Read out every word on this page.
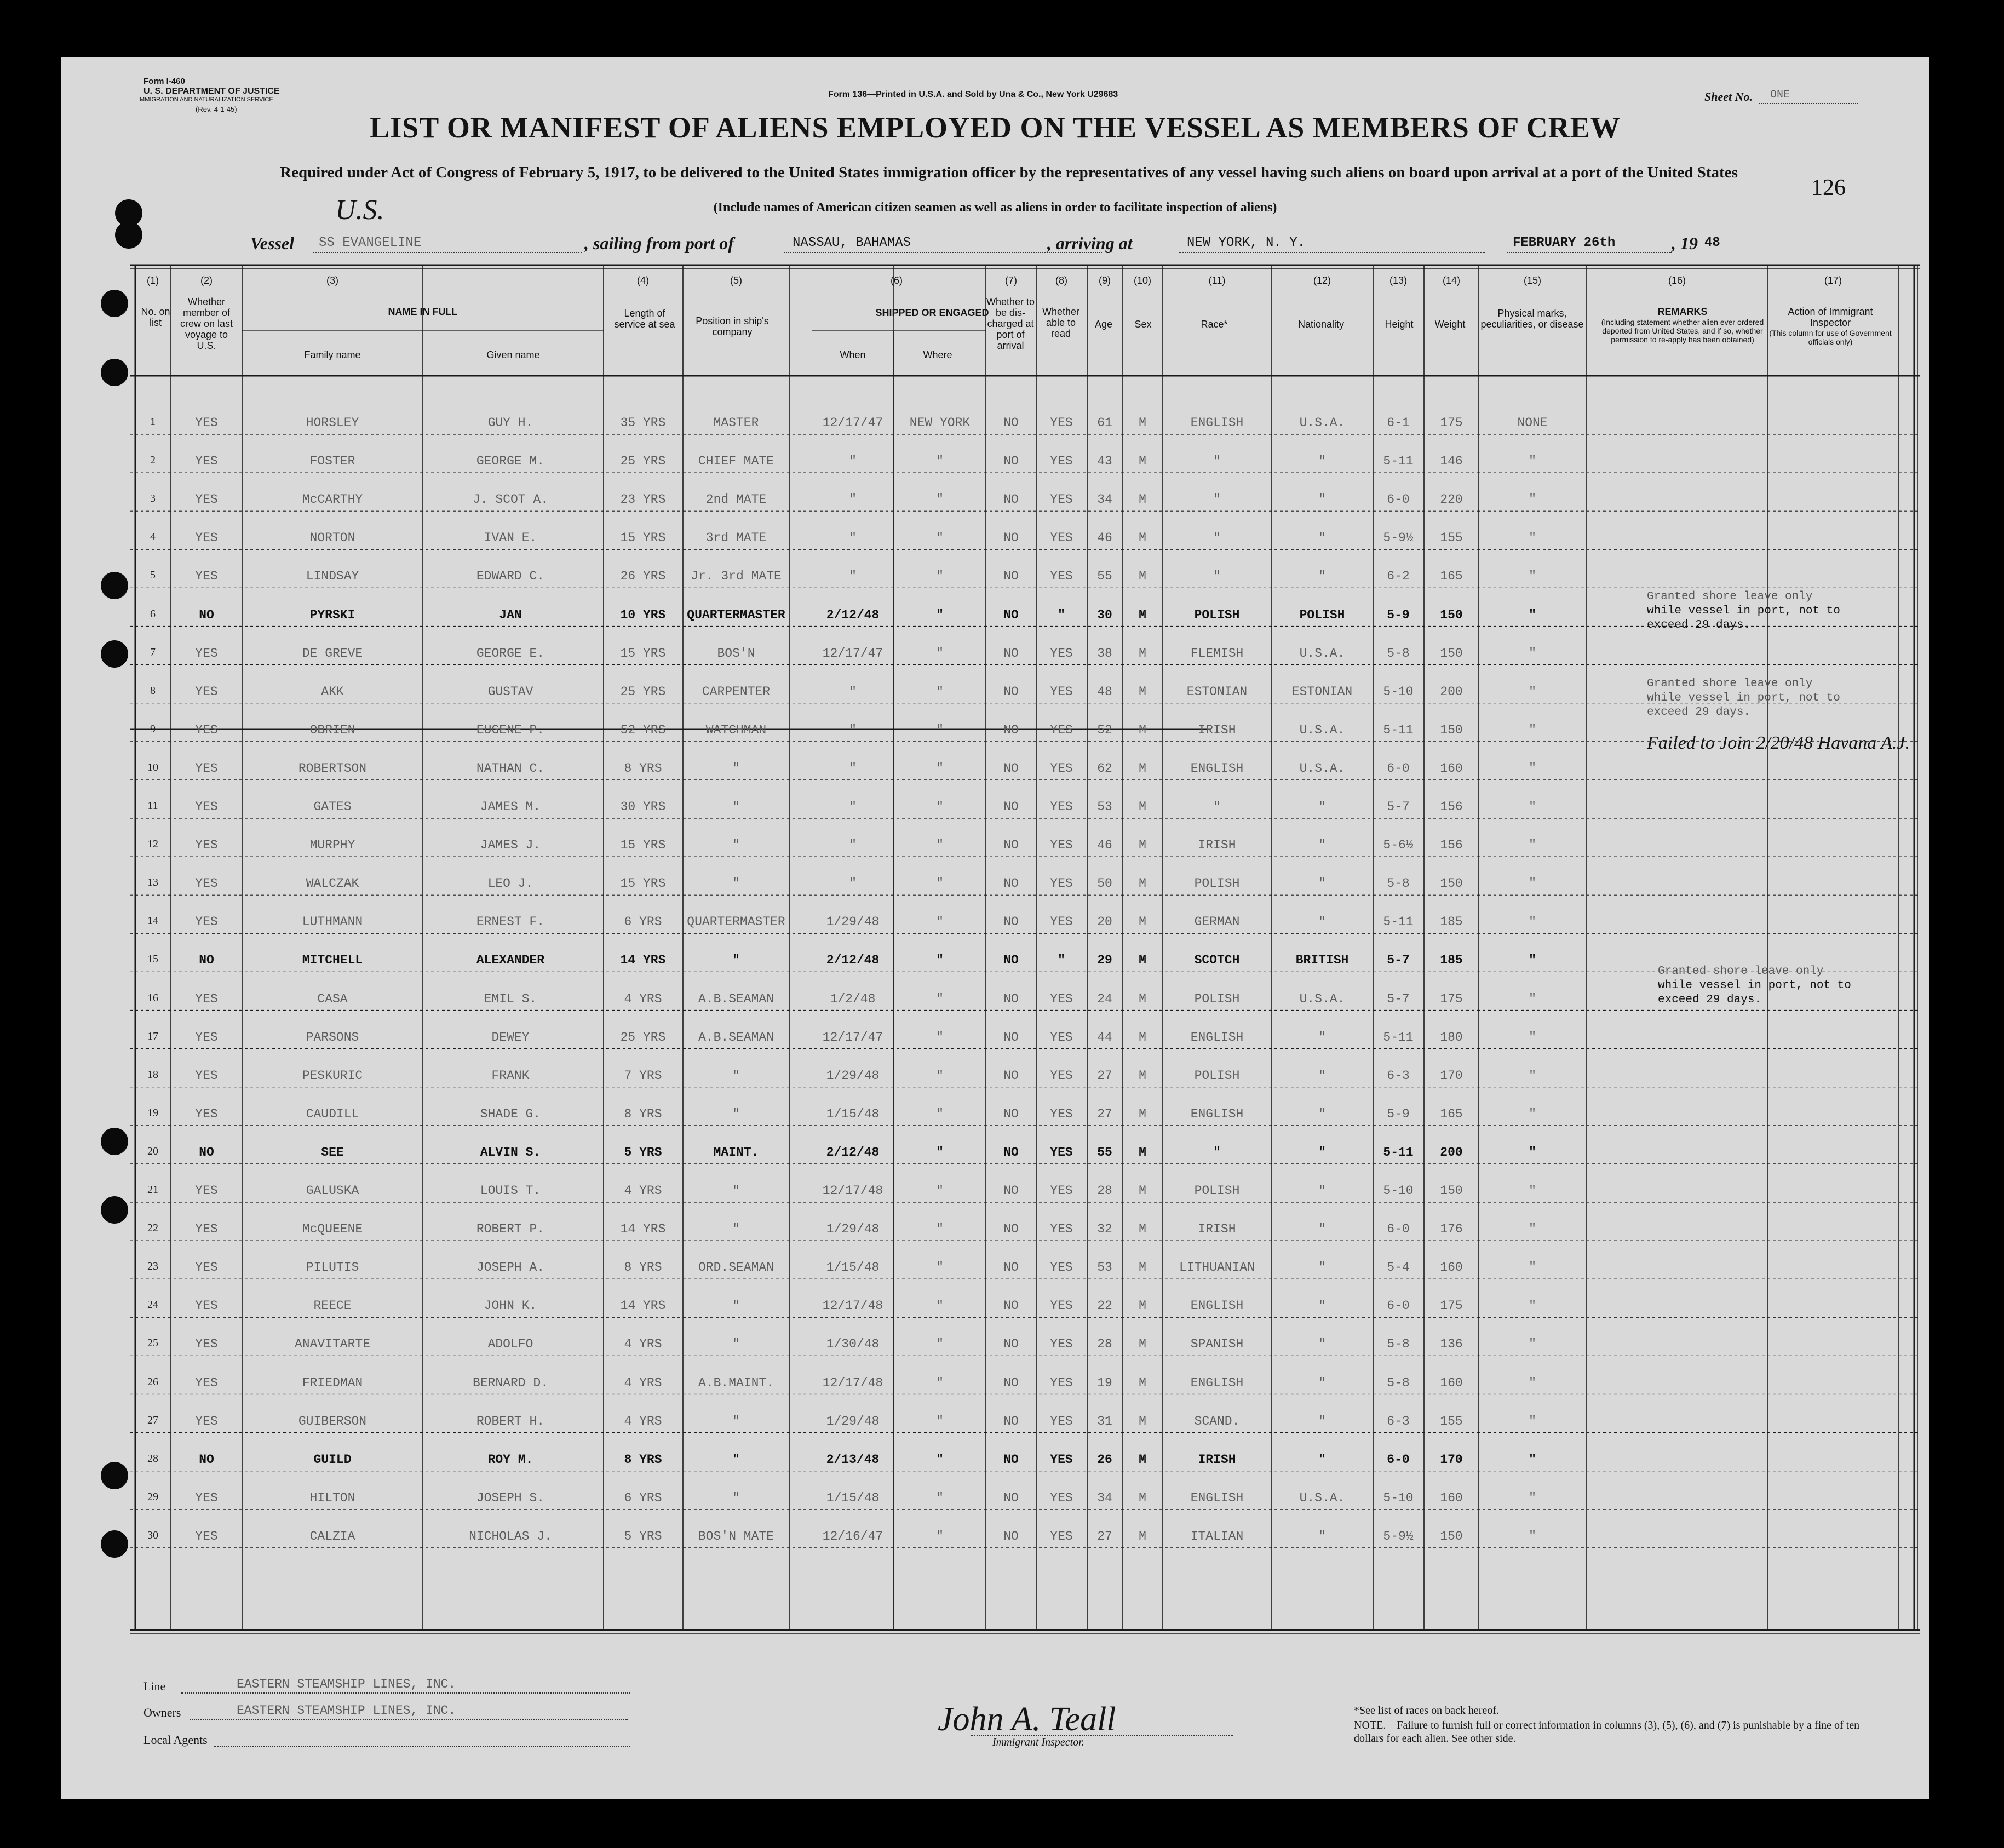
Form I-460
U. S. DEPARTMENT OF JUSTICE
IMMIGRATION AND NATURALIZATION SERVICE
(Rev. 4-1-45)
Form 136—Printed in U.S.A. and Sold by Una & Co., New York U29683	Sheet No. ONE
126
LIST OR MANIFEST OF ALIENS EMPLOYED ON THE VESSEL AS MEMBERS OF CREW
Required under Act of Congress of February 5, 1917, to be delivered to the United States immigration officer by the representatives of any vessel having such aliens on board upon arrival at a port of the United States
(Include names of American citizen seamen as well as aliens in order to facilitate inspection of aliens)
U.S.
Vessel SS EVANGELINE	, sailing from port of	NASSAU, BAHAMAS	, arriving at	NEW YORK, N. Y.	FEBRUARY 26th	, 19 48
No. on list
Whether member of crew on last voyage to U.S.
NAME IN FULL
Family name	Given name
Length of service at sea	Position in ship's company
SHIPPED OR ENGAGED
When	Where
Whether to be dis-charged at port of arrival
Whether able to read
Age	Sex	Race*	Nationality	Height	Weight
Physical marks, peculiarities, or disease
REMARKS
(Including statement whether alien ever ordered deported from United States, and if so, whether permission to re-apply has been obtained)
Action of Immigrant Inspector
(This column for use of Government officials only)
(1)	(2)	(3)	(4)	(5)	(6)	(7)	(8)	(9)	(10)	(11)	(12)	(13)	(14)	(15)	(16)	(17)
1	YES	HORSLEY	GUY H.	35 YRS	MASTER	12/17/47	NEW YORK	NO	YES	61	M	ENGLISH	U.S.A.	6-1	175	NONE
2	YES	FOSTER	GEORGE M.	25 YRS	CHIEF MATE	"	"	NO	YES	43	M	"	"	5-11	146	"
3	YES	McCARTHY	J. SCOT A.	23 YRS	2nd MATE	"	"	NO	YES	34	M	"	"	6-0	220	"
4	YES	NORTON	IVAN E.	15 YRS	3rd MATE	"	"	NO	YES	46	M	"	"	5-9½	155	"
5	YES	LINDSAY	EDWARD C.	26 YRS	Jr. 3rd MATE	"	"	NO	YES	55	M	"	"	6-2	165	"
6	NO	PYRSKI	JAN	10 YRS	QUARTERMASTER	2/12/48	"	NO	"	30	M	POLISH	POLISH	5-9	150	"
7	YES	DE GREVE	GEORGE E.	15 YRS	BOS'N	12/17/47	"	NO	YES	38	M	FLEMISH	U.S.A.	5-8	150	"
8	YES	AKK	GUSTAV	25 YRS	CARPENTER	"	"	NO	YES	48	M	ESTONIAN	ESTONIAN	5-10	200	"
9	YES	OBRIEN	EUGENE P.	52 YRS	WATCHMAN	"	"	NO	YES	52	M	IRISH	U.S.A.	5-11	150	"
10	YES	ROBERTSON	NATHAN C.	8 YRS	"	"	"	NO	YES	62	M	ENGLISH	U.S.A.	6-0	160	"
11	YES	GATES	JAMES M.	30 YRS	"	"	"	NO	YES	53	M	"	"	5-7	156	"
12	YES	MURPHY	JAMES J.	15 YRS	"	"	"	NO	YES	46	M	IRISH	"	5-6½	156	"
13	YES	WALCZAK	LEO J.	15 YRS	"	"	"	NO	YES	50	M	POLISH	"	5-8	150	"
14	YES	LUTHMANN	ERNEST F.	6 YRS	QUARTERMASTER	1/29/48	"	NO	YES	20	M	GERMAN	"	5-11	185	"
15	NO	MITCHELL	ALEXANDER	14 YRS	"	2/12/48	"	NO	"	29	M	SCOTCH	BRITISH	5-7	185	"
16	YES	CASA	EMIL S.	4 YRS	A.B.SEAMAN	1/2/48	"	NO	YES	24	M	POLISH	U.S.A.	5-7	175	"
17	YES	PARSONS	DEWEY	25 YRS	A.B.SEAMAN	12/17/47	"	NO	YES	44	M	ENGLISH	"	5-11	180	"
18	YES	PESKURIC	FRANK	7 YRS	"	1/29/48	"	NO	YES	27	M	POLISH	"	6-3	170	"
19	YES	CAUDILL	SHADE G.	8 YRS	"	1/15/48	"	NO	YES	27	M	ENGLISH	"	5-9	165	"
20	NO	SEE	ALVIN S.	5 YRS	MAINT.	2/12/48	"	NO	YES	55	M	"	"	5-11	200	"
21	YES	GALUSKA	LOUIS T.	4 YRS	"	12/17/48	"	NO	YES	28	M	POLISH	"	5-10	150	"
22	YES	McQUEENE	ROBERT P.	14 YRS	"	1/29/48	"	NO	YES	32	M	IRISH	"	6-0	176	"
23	YES	PILUTIS	JOSEPH A.	8 YRS	ORD.SEAMAN	1/15/48	"	NO	YES	53	M	LITHUANIAN	"	5-4	160	"
24	YES	REECE	JOHN K.	14 YRS	"	12/17/48	"	NO	YES	22	M	ENGLISH	"	6-0	175	"
25	YES	ANAVITARTE	ADOLFO	4 YRS	"	1/30/48	"	NO	YES	28	M	SPANISH	"	5-8	136	"
26	YES	FRIEDMAN	BERNARD D.	4 YRS	A.B.MAINT.	12/17/48	"	NO	YES	19	M	ENGLISH	"	5-8	160	"
27	YES	GUIBERSON	ROBERT H.	4 YRS	"	1/29/48	"	NO	YES	31	M	SCAND.	"	6-3	155	"
28	NO	GUILD	ROY M.	8 YRS	"	2/13/48	"	NO	YES	26	M	IRISH	"	6-0	170	"
29	YES	HILTON	JOSEPH S.	6 YRS	"	1/15/48	"	NO	YES	34	M	ENGLISH	U.S.A.	5-10	160	"
30	YES	CALZIA	NICHOLAS J.	5 YRS	BOS'N MATE	12/16/47	"	NO	YES	27	M	ITALIAN	"	5-9½	150	"
Granted shore leave only
while vessel in port, not to
exceed 29 days.
Granted shore leave only
while vessel in port, not to
exceed 29 days.
Failed to Join 2/20/48 Havana A.J.
Granted shore leave only
while vessel in port, not to
exceed 29 days.
Line	EASTERN STEAMSHIP LINES, INC.
Owners	EASTERN STEAMSHIP LINES, INC.
Local Agents
John A. Teall
Immigrant Inspector.
*See list of races on back hereof.
NOTE.—Failure to furnish full or correct information in columns (3), (5), (6), and (7) is punishable by a fine of ten dollars for each alien. See other side.
